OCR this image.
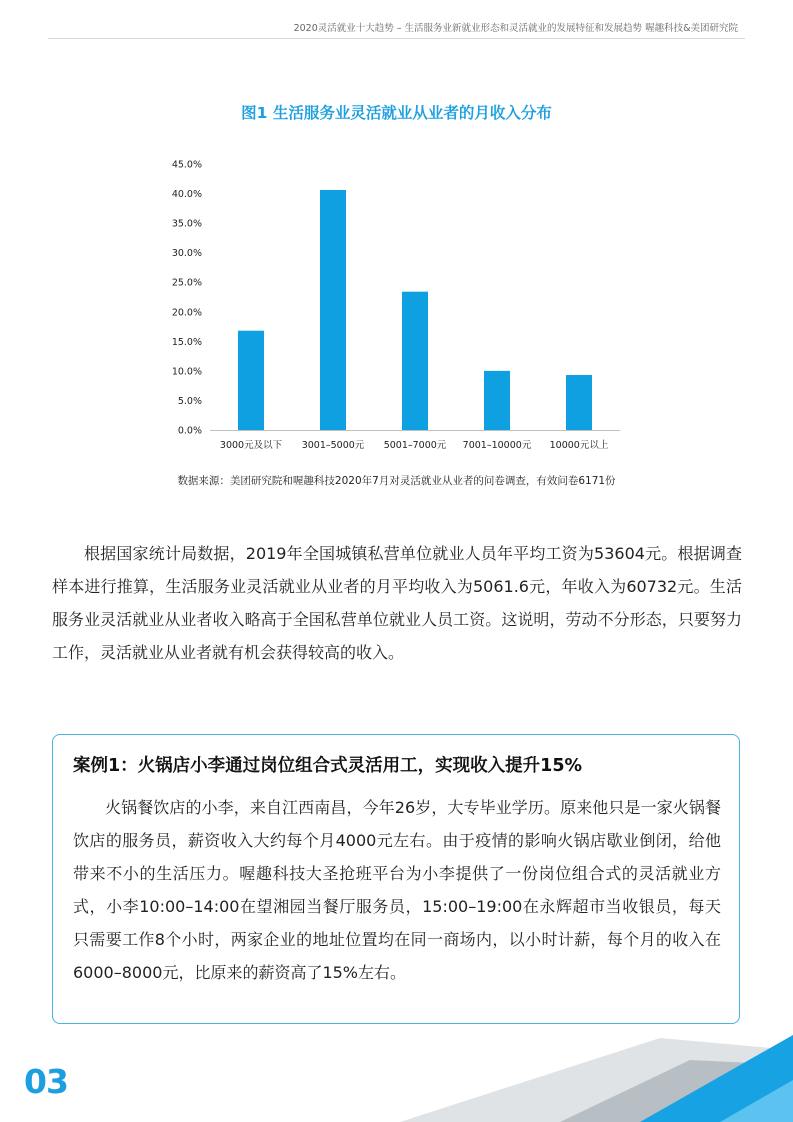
2020灵活就业十大趋势 – 生活服务业新就业形态和灵活就业的发展特征和发展趋势 喔趣科技&美团研究院
图1 生活服务业灵活就业从业者的月收入分布
0.0%
5.0%
10.0%
15.0%
20.0%
25.0%
30.0%
35.0%
40.0%
45.0%
3000元及以下 3001–5000元 5001–7000元 7001–10000元 10000元以上
数据来源：美团研究院和喔趣科技2020年7月对灵活就业从业者的问卷调查，有效问卷6171份

根据国家统计局数据，2019年全国城镇私营单位就业人员年平均工资为53604元。根据调查样本进行推算，生活服务业灵活就业从业者的月平均收入为5061.6元，年收入为60732元。生活服务业灵活就业从业者收入略高于全国私营单位就业人员工资。这说明，劳动不分形态，只要努力工作，灵活就业从业者就有机会获得较高的收入。

案例1：火锅店小李通过岗位组合式灵活用工，实现收入提升15%

火锅餐饮店的小李，来自江西南昌，今年26岁，大专毕业学历。原来他只是一家火锅餐饮店的服务员，薪资收入大约每个月4000元左右。由于疫情的影响火锅店歇业倒闭，给他带来不小的生活压力。喔趣科技大圣抢班平台为小李提供了一份岗位组合式的灵活就业方式，小李10:00–14:00在望湘园当餐厅服务员，15:00–19:00在永辉超市当收银员，每天只需要工作8个小时，两家企业的地址位置均在同一商场内，以小时计薪，每个月的收入在6000–8000元，比原来的薪资高了15%左右。

03
